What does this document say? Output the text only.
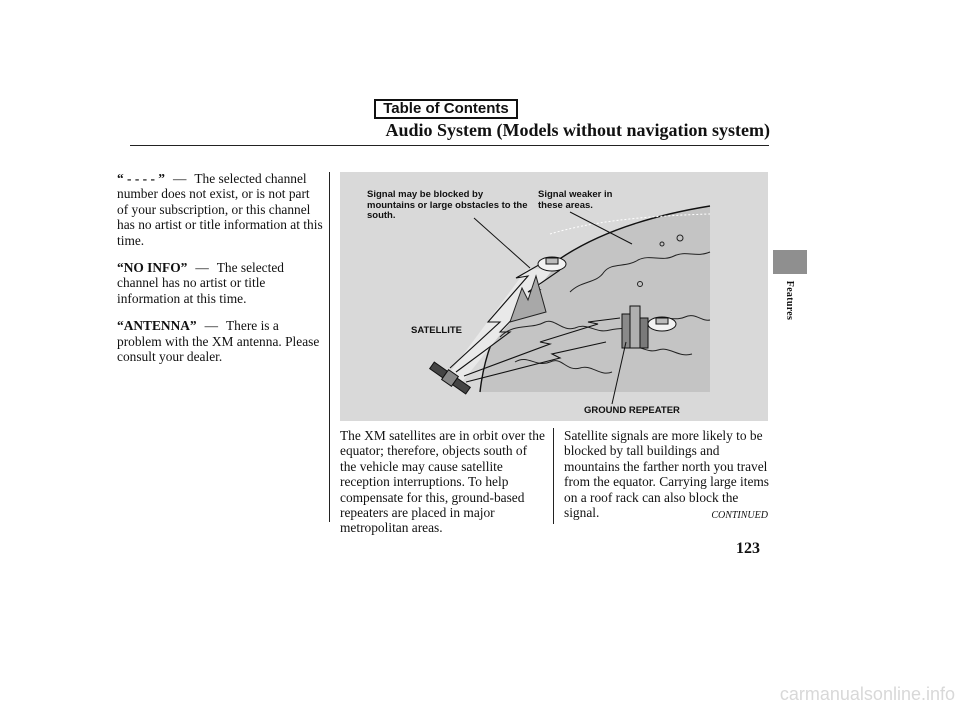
Table of Contents
Audio System (Models without navigation system)
Features

“ - - - - ” — The selected channel number does not exist, or is not part of your subscription, or this channel has no artist or title information at this time.

“NO INFO” — The selected channel has no artist or title information at this time.

“ANTENNA” — There is a problem with the XM antenna. Please consult your dealer.

Signal may be blocked by mountains or large obstacles to the south.
Signal weaker in these areas.
SATELLITE
GROUND REPEATER

The XM satellites are in orbit over the equator; therefore, objects south of the vehicle may cause satellite reception interruptions. To help compensate for this, ground-based repeaters are placed in major metropolitan areas.

Satellite signals are more likely to be blocked by tall buildings and mountains the farther north you travel from the equator. Carrying large items on a roof rack can also block the signal.	CONTINUED
123
carmanualsonline.info
